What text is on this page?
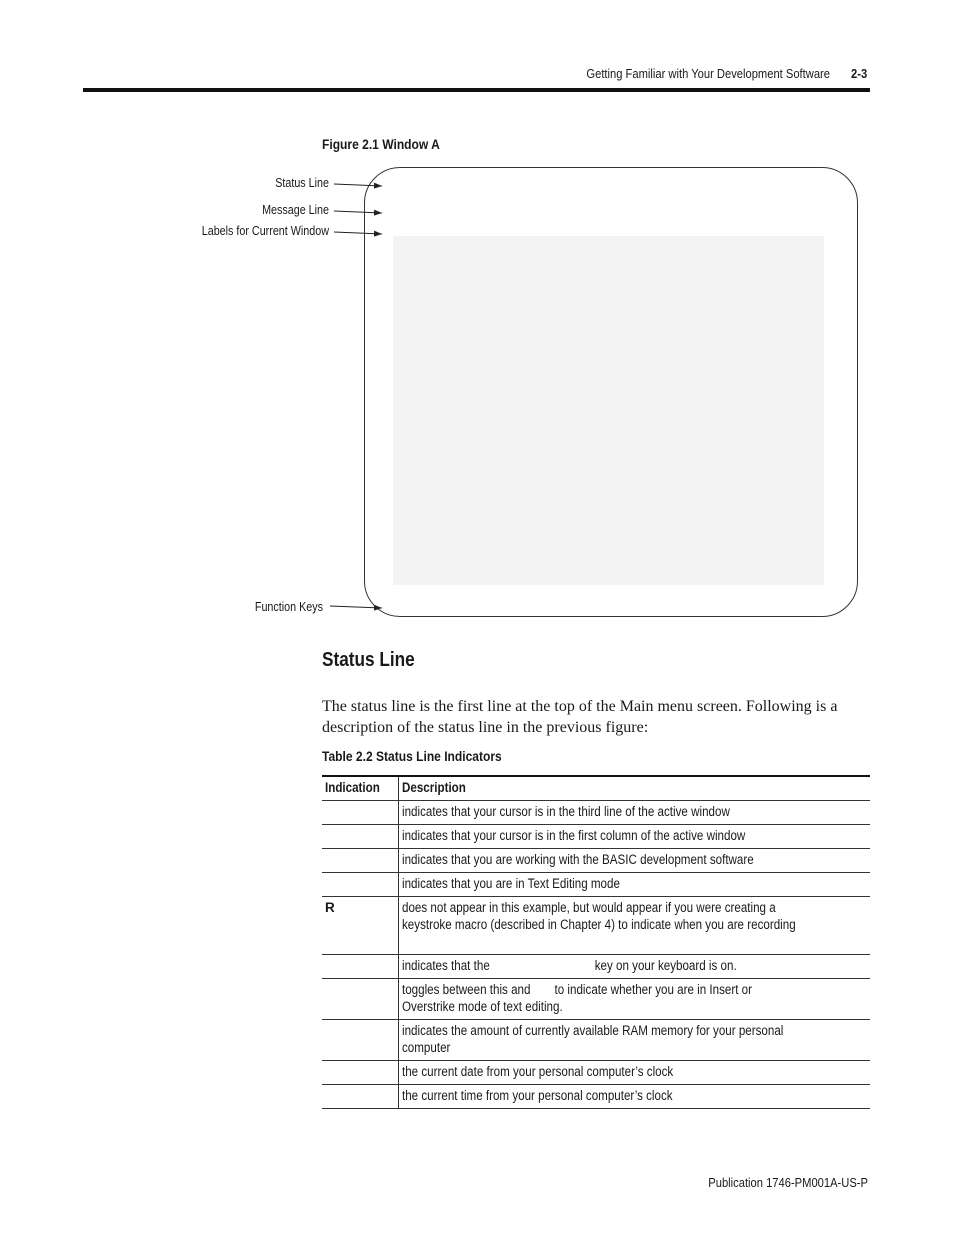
Getting Familiar with Your Development Software 2-3
Figure 2.1 Window A
Status Line
Message Line
Labels for Current Window
Function Keys
Status Line
The status line is the first line at the top of the Main menu screen. Following is a description of the status line in the previous figure:
Table 2.2 Status Line Indicators
Indication	Description

	indicates that your cursor is in the third line of the active window

	indicates that your cursor is in the first column of the active window

	indicates that you are working with the BASIC development software

	indicates that you are in Text Editing mode

R	does not appear in this example, but would appear if you were creating a keystroke macro (described in Chapter 4) to indicate when you are recording

	indicates that the key on your keyboard is on.

	toggles between this and to indicate whether you are in Insert or Overstrike mode of text editing.

	indicates the amount of currently available RAM memory for your personal computer

	the current date from your personal computer’s clock

	the current time from your personal computer’s clock
Publication 1746-PM001A-US-P
